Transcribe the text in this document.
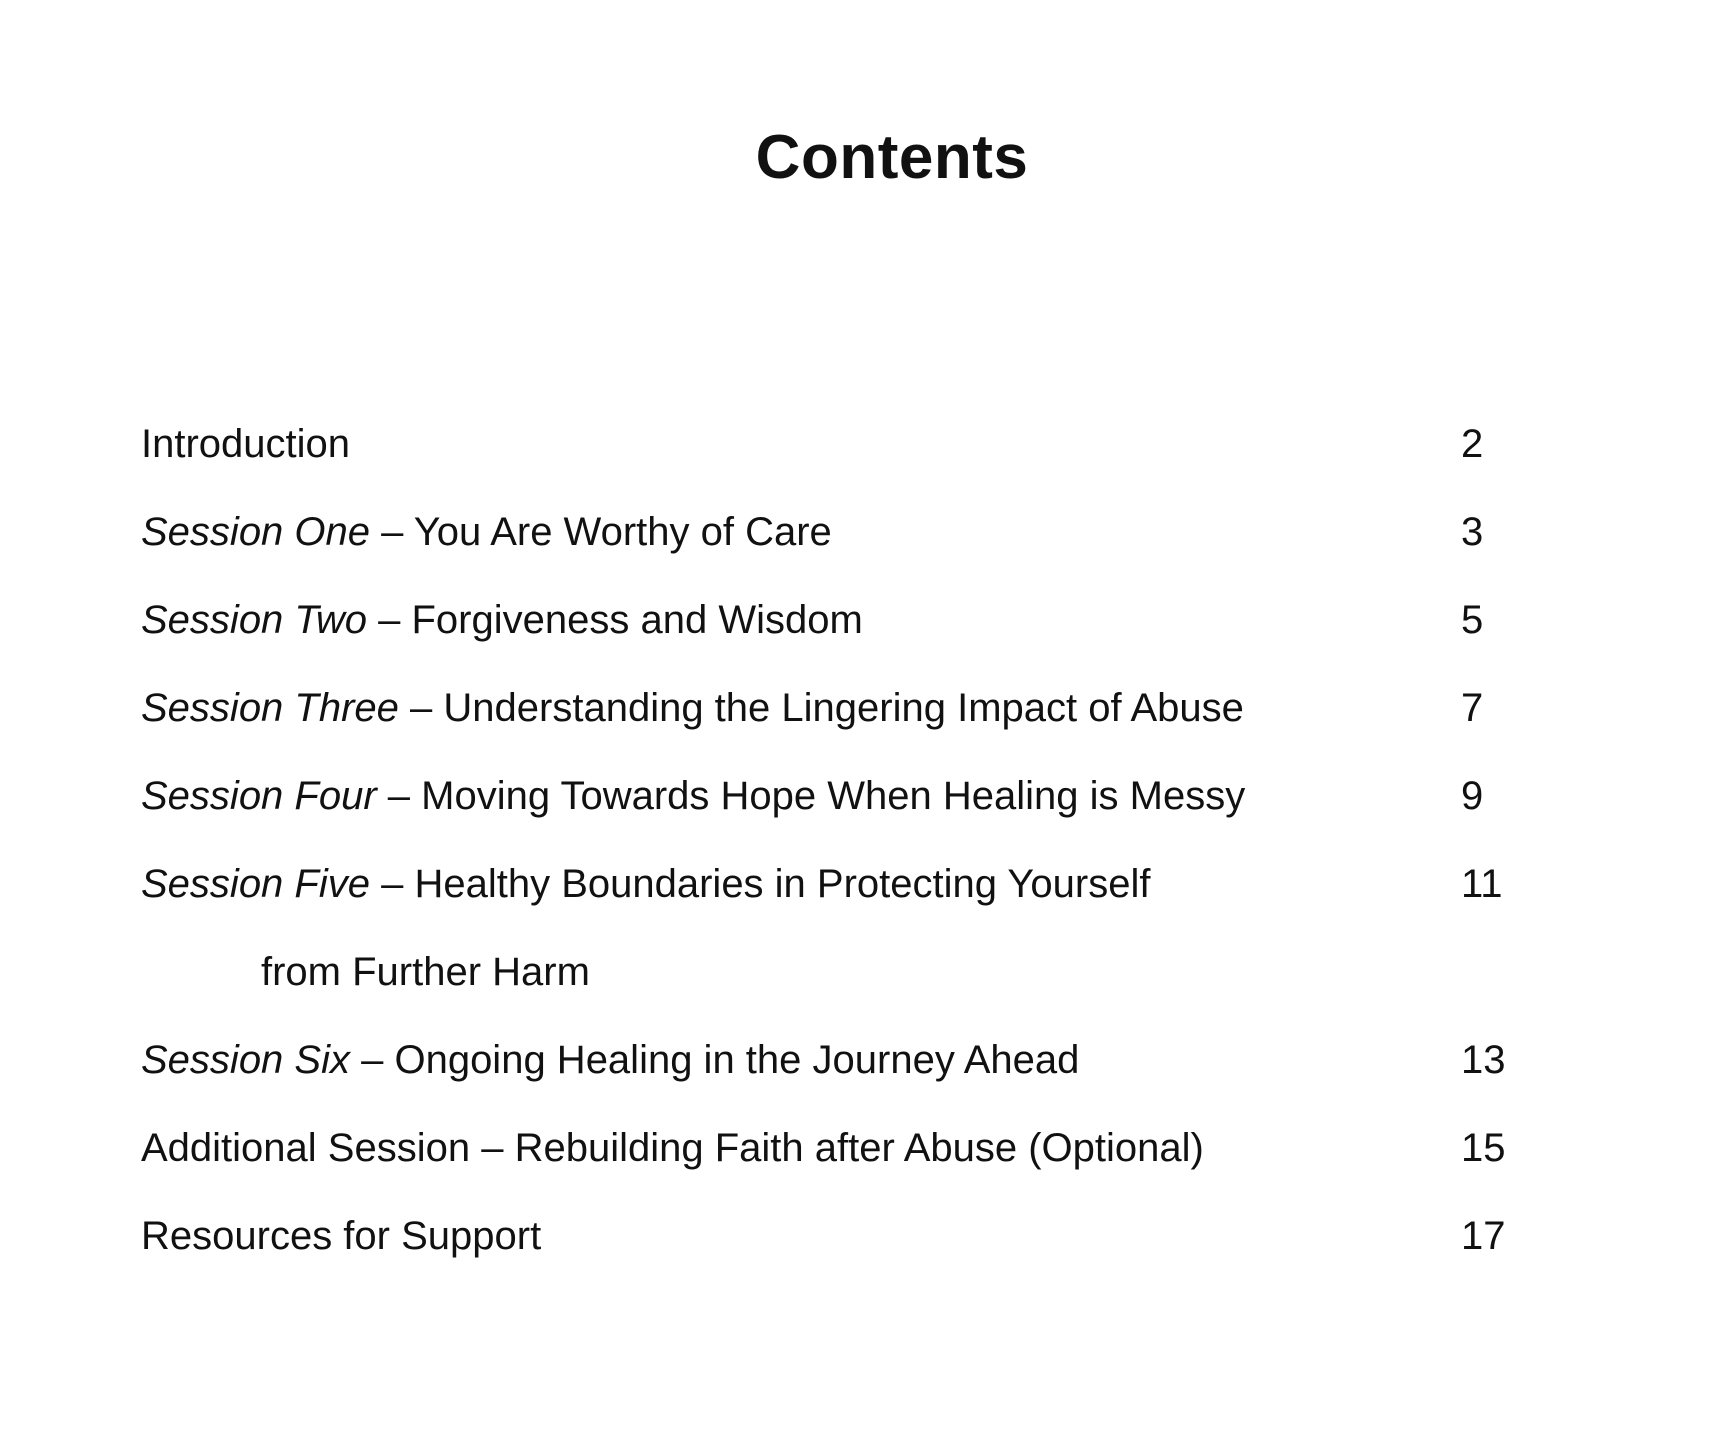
Contents
Introduction	2
Session One – You Are Worthy of Care	3
Session Two – Forgiveness and Wisdom	5
Session Three – Understanding the Lingering Impact of Abuse	7
Session Four – Moving Towards Hope When Healing is Messy	9
Session Five – Healthy Boundaries in Protecting Yourself	11
from Further Harm
Session Six – Ongoing Healing in the Journey Ahead	13
Additional Session – Rebuilding Faith after Abuse (Optional)	15
Resources for Support	17
